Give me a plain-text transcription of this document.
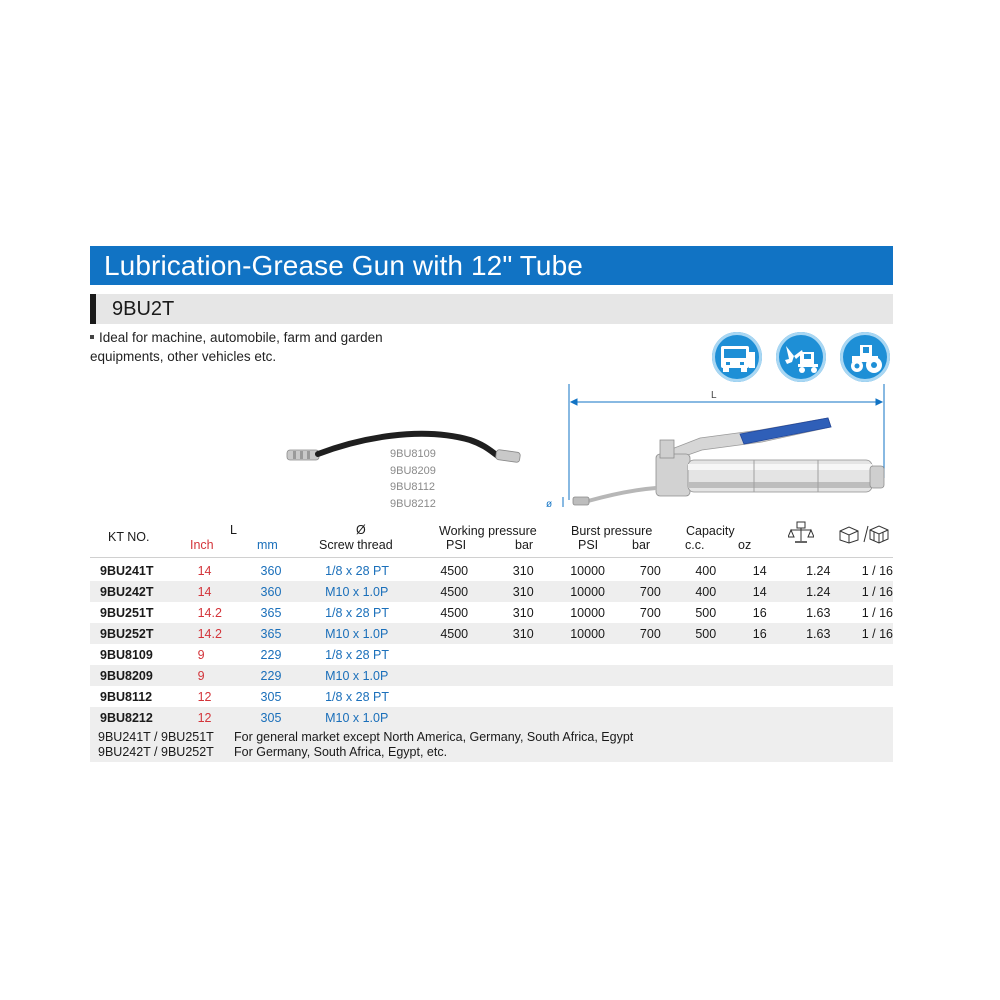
Lubrication-Grease Gun with 12" Tube
9BU2T
Ideal for machine, automobile, farm and garden equipments, other vehicles etc.
L
ø
9BU8109
9BU8209
9BU8112
9BU8212
KT NO.	L
Inch	mm
Ø
Screw thread
Working pressure
PSI	bar
Burst pressure
PSI	bar
Capacity
c.c.	oz
9BU241T	14	360	1/8 x 28 PT	4500	310	10000	700	400	14	1.24	1 / 16
9BU242T	14	360	M10 x 1.0P	4500	310	10000	700	400	14	1.24	1 / 16
9BU251T	14.2	365	1/8 x 28 PT	4500	310	10000	700	500	16	1.63	1 / 16
9BU252T	14.2	365	M10 x 1.0P	4500	310	10000	700	500	16	1.63	1 / 16
9BU8109	9	229	1/8 x 28 PT								
9BU8209	9	229	M10 x 1.0P								
9BU8112	12	305	1/8 x 28 PT								
9BU8212	12	305	M10 x 1.0P								
9BU241T / 9BU251T For general market except North America, Germany, South Africa, Egypt
9BU242T / 9BU252T For Germany, South Africa, Egypt, etc.
